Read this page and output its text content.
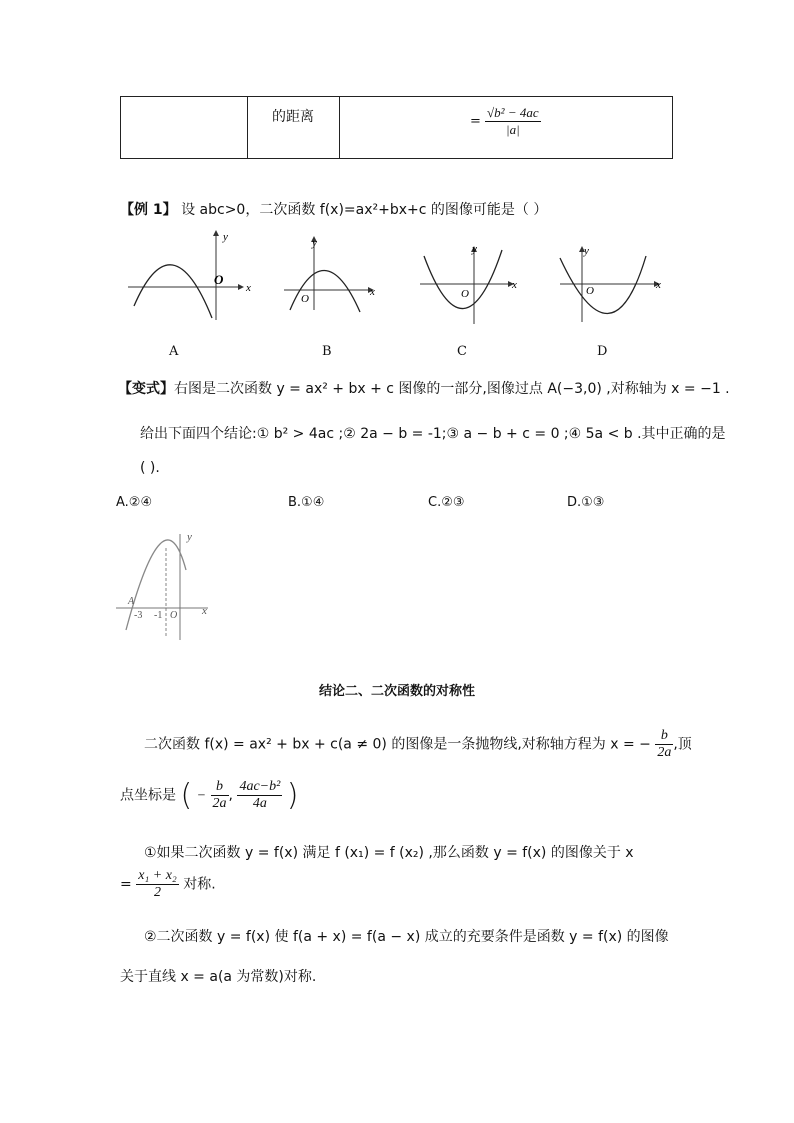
的距离	= $\frac{\text{√b² − 4ac}}{|a|}$
【例 1】 设 abc>0，二次函数 f(x)=ax²+bx+c 的图像可能是（ ）
y
x
O
A
y
x
O
B
y
x
O
C
O	x
y
D
【变式】右图是二次函数 y = ax² + bx + c 图像的一部分,图像过点 A(−3,0) ,对称轴为 x = −1 .
给出下面四个结论:① b² > 4ac ;② 2a − b = -1;③ a − b + c = 0 ;④ 5a < b .其中正确的是
( ).
A.②④	B.①④	C.②③	D.①③
y
x
A
-3 -1 O
结论二、二次函数的对称性
二次函数 f(x) = ax² + bx + c(a ≠ 0) 的图像是一条抛物线,对称轴方程为 x = − $\frac{b}{2a}$ ,顶
点坐标是 ( − $\frac{b}{2a}$ , $\frac{\text{4ac−b²}}{4a}$ )
①如果二次函数 y = f(x) 满足 f (x₁) = f (x₂) ,那么函数 y = f(x) 的图像关于 x
= $\frac{\text{x₁ + x₂}}{2}$ 对称.
②二次函数 y = f(x) 使 f(a + x) = f(a − x) 成立的充要条件是函数 y = f(x) 的图像
关于直线 x = a(a 为常数)对称.
